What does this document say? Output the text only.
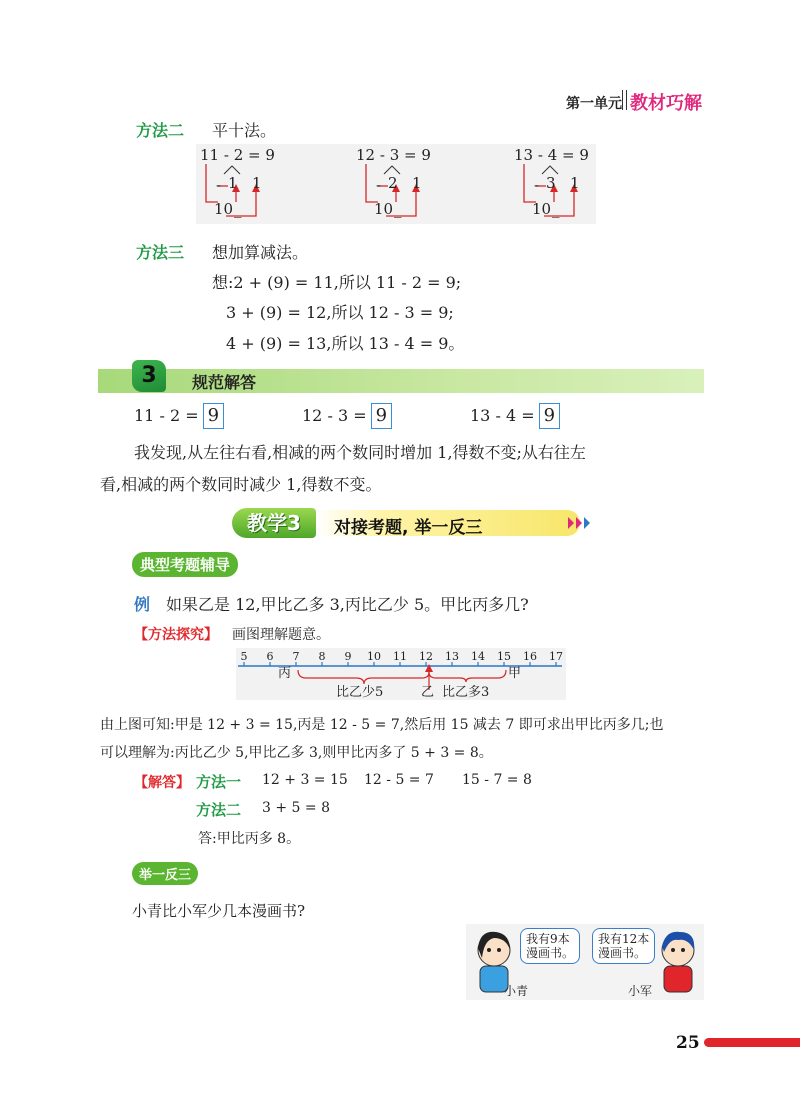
第一单元 教材巧解
方法二 平十法。
11 - 2 = 9
- 1 1
10 _
12 - 3 = 9
- 2 1
10 _
13 - 4 = 9
- 3 1
10 _
方法三 想加算减法。
想:2 + (9) = 11,所以 11 - 2 = 9;
3 + (9) = 12,所以 12 - 3 = 9;
4 + (9) = 13,所以 13 - 4 = 9。
3	规范解答
11 - 2 = 9	12 - 3 = 9	13 - 4 = 9
我发现,从左往右看,相减的两个数同时增加 1,得数不变;从右往左
看,相减的两个数同时减少 1,得数不变。
教学3	对接考题, 举一反三
典型考题辅导
例 如果乙是 12,甲比乙多 3,丙比乙少 5。甲比丙多几?
【方法探究】 画图理解题意。
5 6 7 8 9 10 11 12 13 14 15 16 17
丙	甲
乙
比乙少5	比乙多3
由上图可知:甲是 12 + 3 = 15,丙是 12 - 5 = 7,然后用 15 减去 7 即可求出甲比丙多几;也
可以理解为:丙比乙少 5,甲比乙多 3,则甲比丙多了 5 + 3 = 8。
【解答】 方法一 12 + 3 = 15 12 - 5 = 7 15 - 7 = 8
方法二 3 + 5 = 8
答:甲比丙多 8。
举一反三
小青比小军少几本漫画书?
我有9本
漫画书。
我有12本
漫画书。
小青	小军
25
